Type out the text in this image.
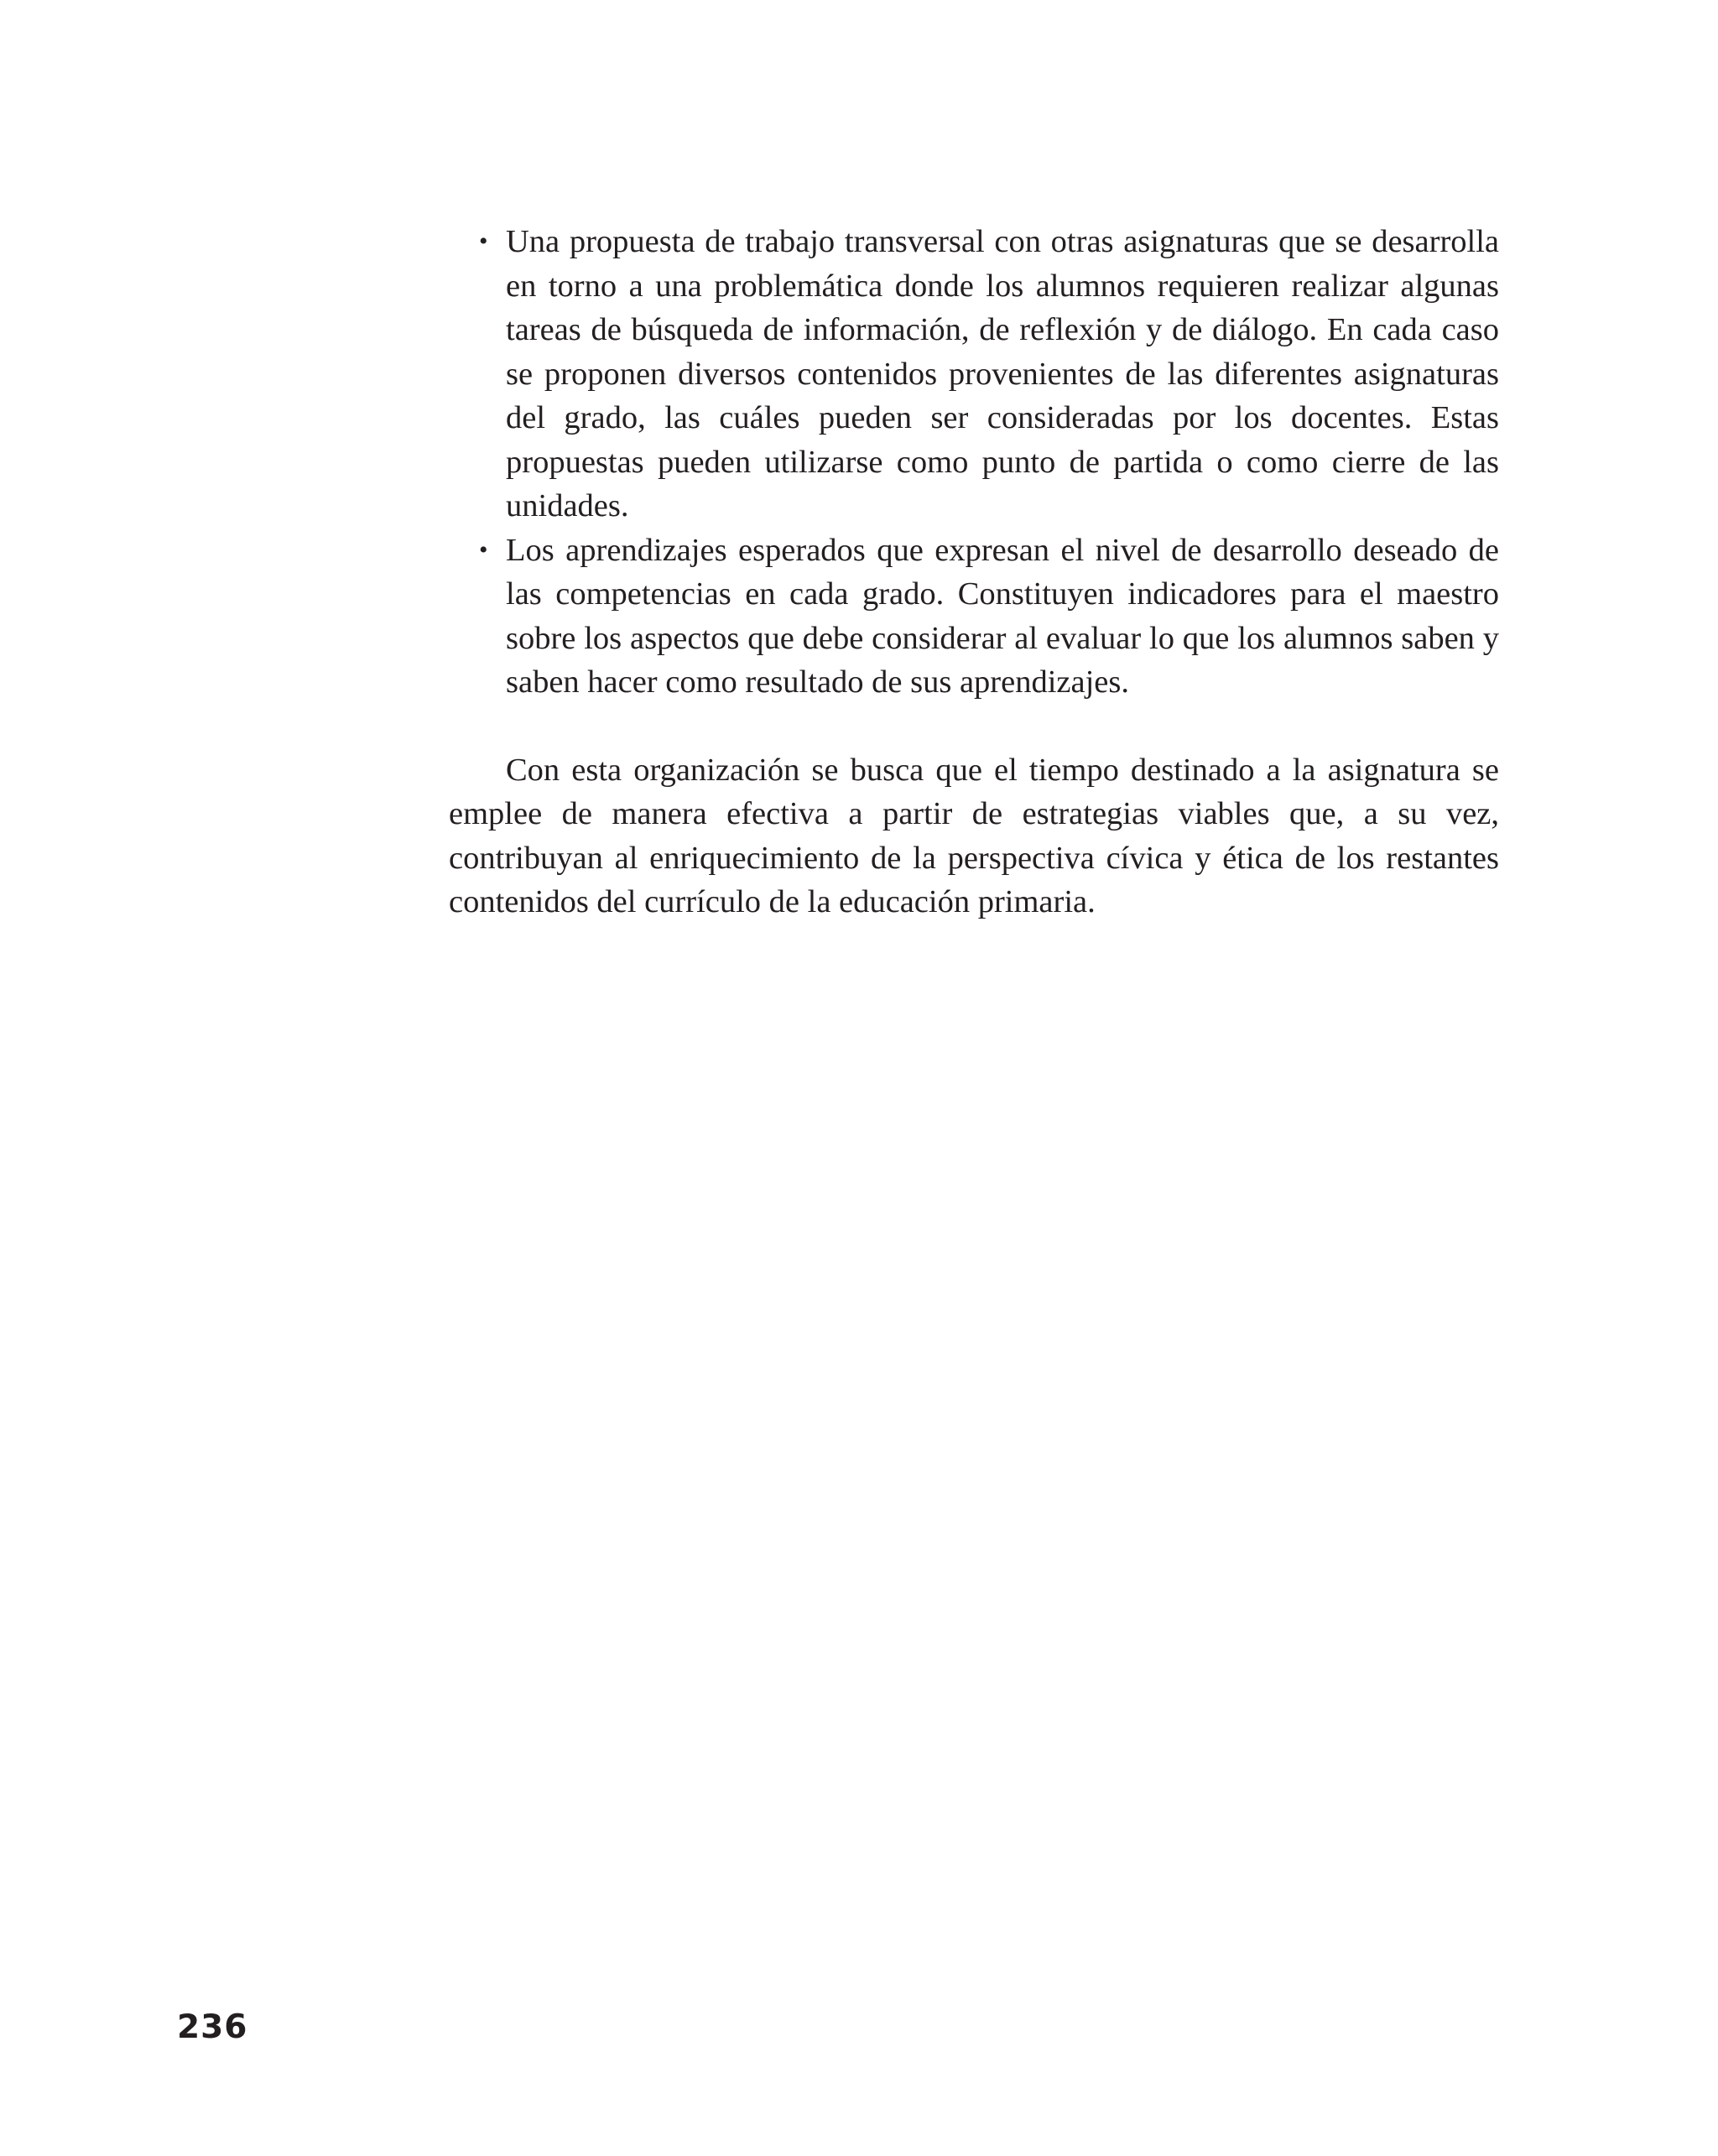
• Una propuesta de trabajo transversal con otras asignaturas que se desarrolla en torno a una problemática donde los alumnos requieren realizar algunas tareas de búsqueda de información, de reflexión y de diálogo. En cada caso se proponen diversos contenidos provenientes de las diferentes asignaturas del grado, las cuáles pueden ser consideradas por los docentes. Estas propuestas pueden utilizarse como punto de partida o como cierre de las unidades.
• Los aprendizajes esperados que expresan el nivel de desarrollo deseado de las competencias en cada grado. Constituyen indicadores para el maestro sobre los aspectos que debe considerar al evaluar lo que los alumnos saben y saben hacer como resultado de sus aprendizajes.

Con esta organización se busca que el tiempo destinado a la asignatura se emplee de manera efectiva a partir de estrategias viables que, a su vez, contribuyan al enriquecimiento de la perspectiva cívica y ética de los restantes contenidos del currículo de la educación primaria.

236
